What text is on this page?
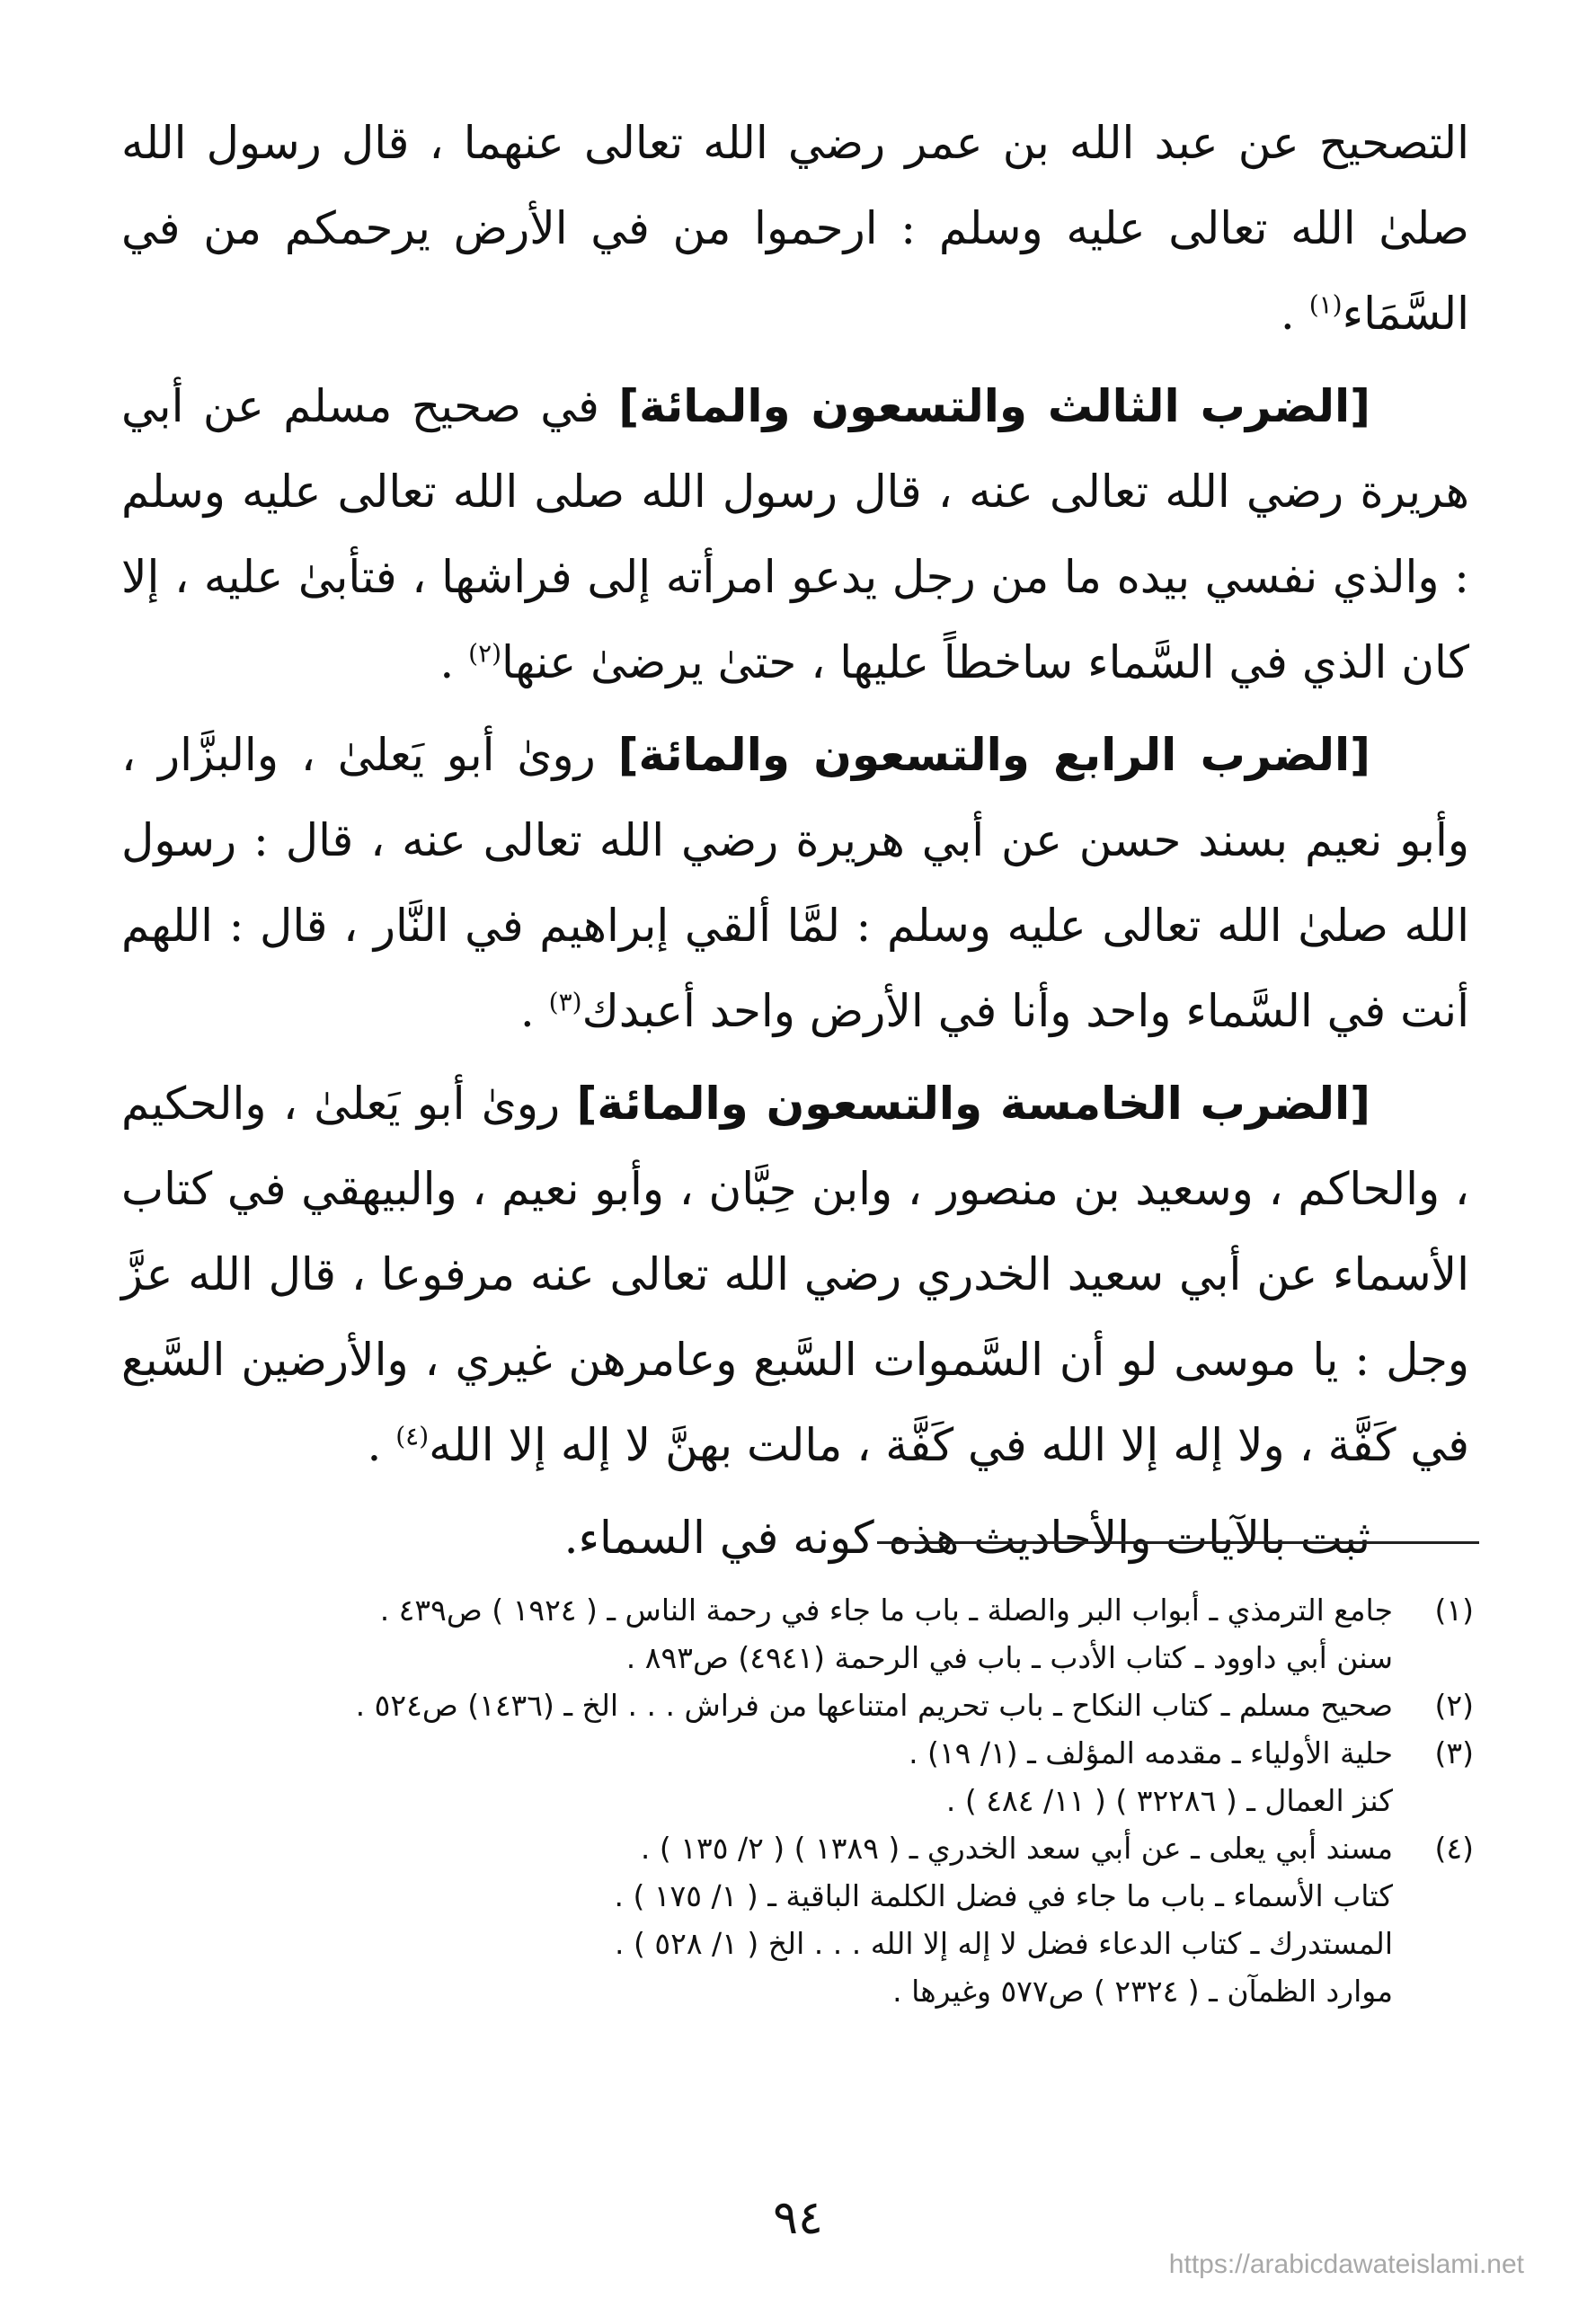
التصحيح عن عبد الله بن عمر رضي الله تعالى عنهما ، قال رسول الله صلىٰ الله تعالى عليه وسلم : ارحموا من في الأرض يرحمكم من في السَّمَاء$^{(١)}$ .

[الضرب الثالث والتسعون والمائة] في صحيح مسلم عن أبي هريرة رضي الله تعالى عنه ، قال رسول الله صلى الله تعالى عليه وسلم : والذي نفسي بيده ما من رجل يدعو امرأته إلى فراشها ، فتأبىٰ عليه ، إلا كان الذي في السَّماء ساخطاً عليها ، حتىٰ يرضىٰ عنها$^{(٢)}$ .

[الضرب الرابع والتسعون والمائة] روىٰ أبو يَعلىٰ ، والبزَّار ، وأبو نعيم بسند حسن عن أبي هريرة رضي الله تعالى عنه ، قال : رسول الله صلىٰ الله تعالى عليه وسلم : لمَّا ألقي إبراهيم في النَّار ، قال : اللهم أنت في السَّماء واحد وأنا في الأرض واحد أعبدك$^{(٣)}$ .

[الضرب الخامسة والتسعون والمائة] روىٰ أبو يَعلىٰ ، والحكيم ، والحاكم ، وسعيد بن منصور ، وابن حِبَّان ، وأبو نعيم ، والبيهقي في كتاب الأسماء عن أبي سعيد الخدري رضي الله تعالى عنه مرفوعا ، قال الله عزَّ وجل : يا موسى لو أن السَّموات السَّبع وعامرهن غيري ، والأرضين السَّبع في كَفَّة ، ولا إله إلا الله في كَفَّة ، مالت بهنَّ لا إله إلا الله$^{(٤)}$ .

ثبت بالآيات والأحاديث هذه كونه في السماء.

(١)
جامع الترمذي ـ أبواب البر والصلة ـ باب ما جاء في رحمة الناس ـ ( ١٩٢٤ ) ص٤٣٩ .
سنن أبي داوود ـ كتاب الأدب ـ باب في الرحمة (٤٩٤١) ص٨٩٣ .
(٢)
صحيح مسلم ـ كتاب النكاح ـ باب تحريم امتناعها من فراش . . . الخ ـ (١٤٣٦) ص٥٢٤ .
(٣)
حلية الأولياء ـ مقدمه المؤلف ـ (١/ ١٩) .
كنز العمال ـ ( ٣٢٢٨٦ ) ( ١١/ ٤٨٤ ) .
(٤)
مسند أبي يعلى ـ عن أبي سعد الخدري ـ ( ١٣٨٩ ) ( ٢/ ١٣٥ ) .
كتاب الأسماء ـ باب ما جاء في فضل الكلمة الباقية ـ ( ١/ ١٧٥ ) .
المستدرك ـ كتاب الدعاء فضل لا إله إلا الله . . . الخ ( ١/ ٥٢٨ ) .
موارد الظمآن ـ ( ٢٣٢٤ ) ص٥٧٧ وغيرها .
٩٤
https://arabicdawateislami.net
